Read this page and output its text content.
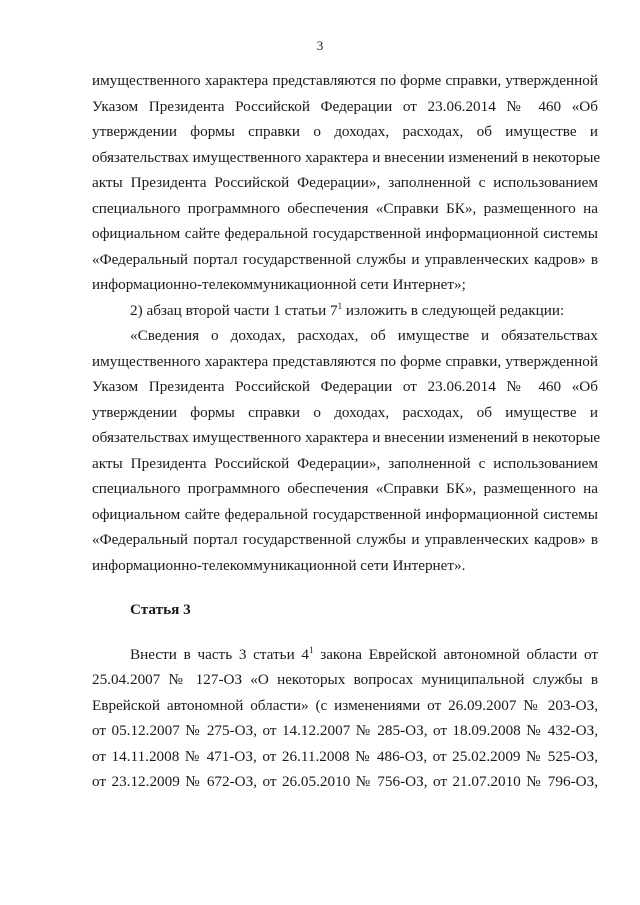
3
имущественного характера представляются по форме справки, утвержденной
Указом Президента Российской Федерации от 23.06.2014 № 460 «Об
утверждении формы справки о доходах, расходах, об имуществе и
обязательствах имущественного характера и внесении изменений в некоторые
акты Президента Российской Федерации», заполненной с использованием
специального программного обеспечения «Справки БК», размещенного на
официальном сайте федеральной государственной информационной системы
«Федеральный портал государственной службы и управленческих кадров» в
информационно-телекоммуникационной сети Интернет»;
2) абзац второй части 1 статьи $7^1$ изложить в следующей редакции:
«Сведения о доходах, расходах, об имуществе и обязательствах
имущественного характера представляются по форме справки, утвержденной
Указом Президента Российской Федерации от 23.06.2014 № 460 «Об
утверждении формы справки о доходах, расходах, об имуществе и
обязательствах имущественного характера и внесении изменений в некоторые
акты Президента Российской Федерации», заполненной с использованием
специального программного обеспечения «Справки БК», размещенного на
официальном сайте федеральной государственной информационной системы
«Федеральный портал государственной службы и управленческих кадров» в
информационно-телекоммуникационной сети Интернет».
Статья 3
Внести в часть 3 статьи $4^1$ закона Еврейской автономной области от
25.04.2007 № 127-ОЗ «О некоторых вопросах муниципальной службы в
Еврейской автономной области» (с изменениями от 26.09.2007 № 203-ОЗ,
от 05.12.2007 № 275-ОЗ, от 14.12.2007 № 285-ОЗ, от 18.09.2008 № 432-ОЗ,
от 14.11.2008 № 471-ОЗ, от 26.11.2008 № 486-ОЗ, от 25.02.2009 № 525-ОЗ,
от 23.12.2009 № 672-ОЗ, от 26.05.2010 № 756-ОЗ, от 21.07.2010 № 796-ОЗ,
